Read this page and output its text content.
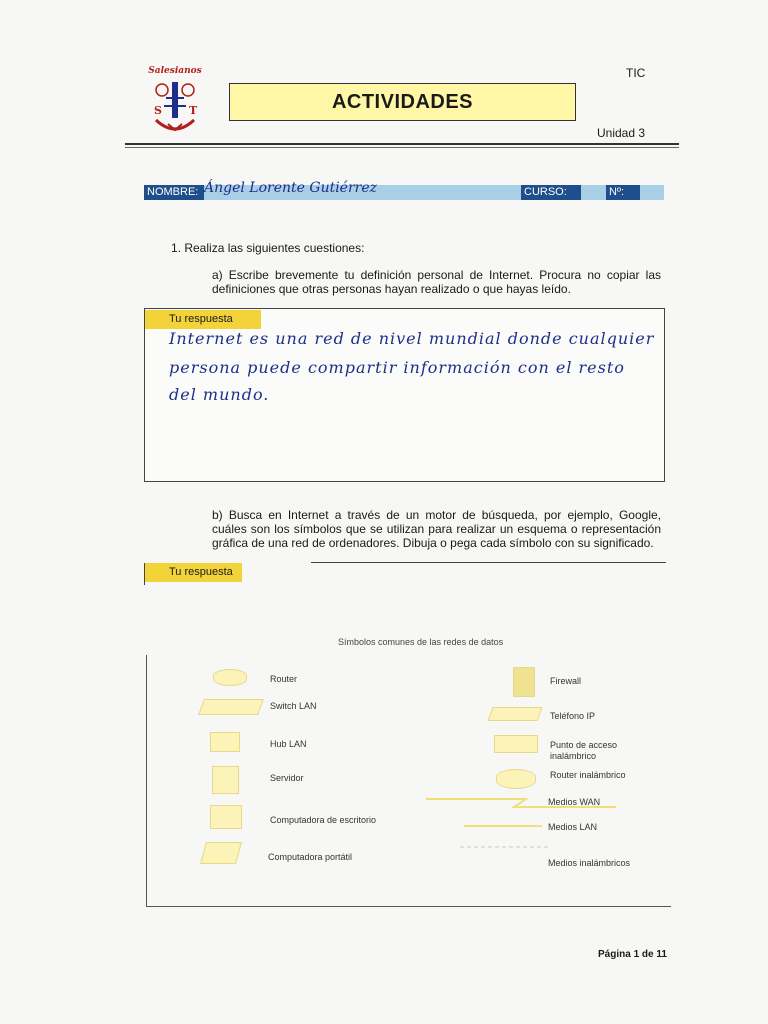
Salesianos
S T	ACTIVIDADES
TIC
Unidad 3
NOMBRE: Ángel Lorente Gutiérrez	CURSO:	Nº:
1. Realiza las siguientes cuestiones:
a) Escribe brevemente tu definición personal de Internet. Procura no copiar las definiciones que otras personas hayan realizado o que hayas leído.
Tu respuesta
Internet es una red de nivel mundial donde cualquier
persona puede compartir información con el resto
del mundo.
b) Busca en Internet a través de un motor de búsqueda, por ejemplo, Google, cuáles son los símbolos que se utilizan para realizar un esquema o representación gráfica de una red de ordenadores. Dibuja o pega cada símbolo con su significado.
Tu respuesta
Símbolos comunes de las redes de datos
Router
Switch LAN
Hub LAN
Servidor
Computadora de escritorio
Computadora portátil
Firewall
Teléfono IP
Punto de acceso inalámbrico
Router inalámbrico
Medios WAN
Medios LAN
Medios inalámbricos
Página 1 de 11
